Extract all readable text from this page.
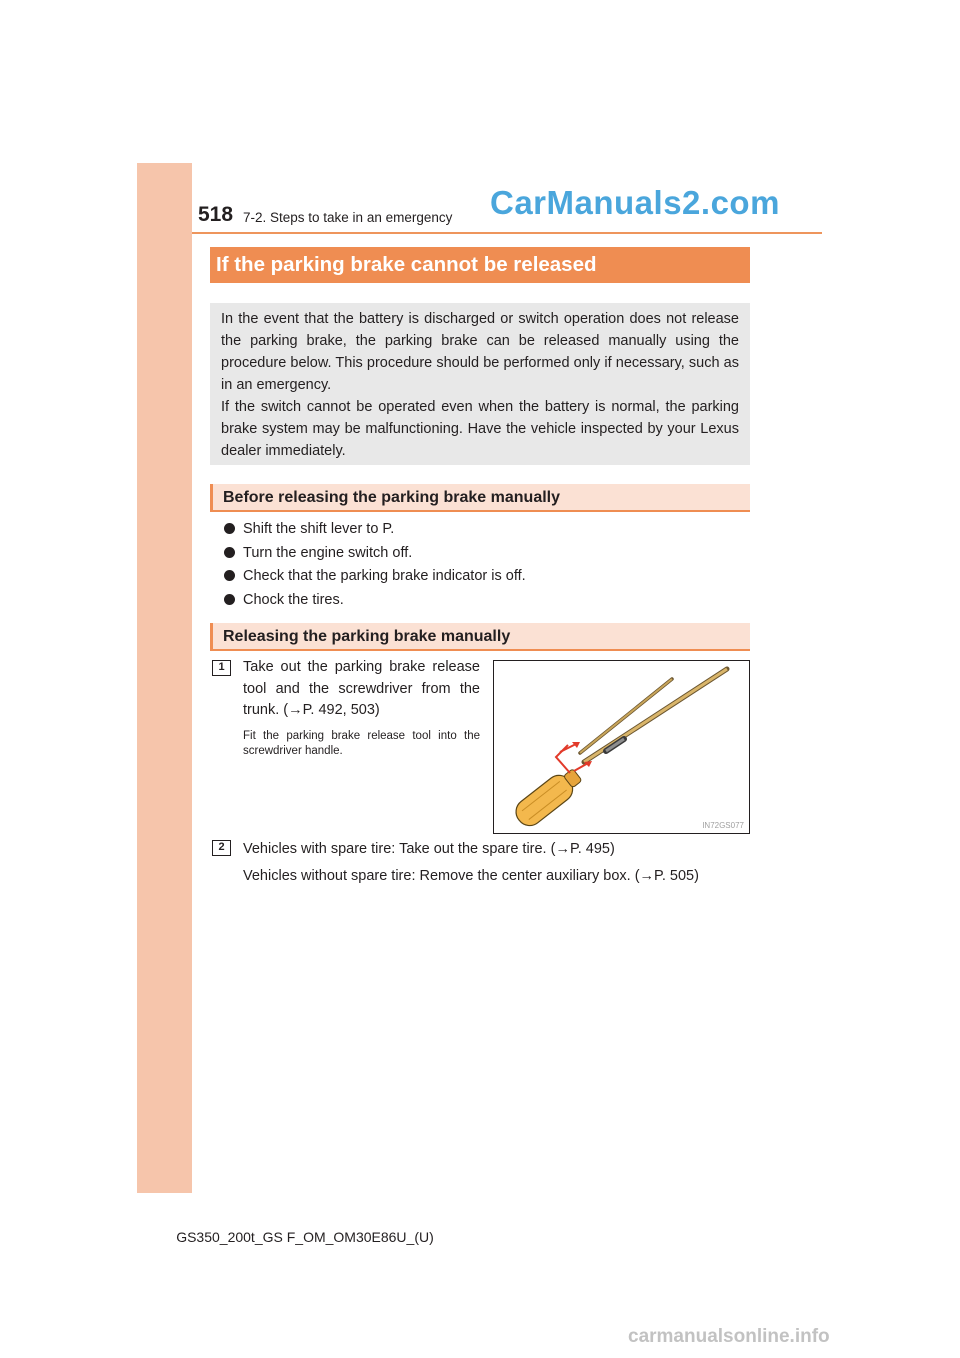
518 7-2. Steps to take in an emergency CarManuals2.com
If the parking brake cannot be released

In the event that the battery is discharged or switch operation does not release the parking brake, the parking brake can be released manually using the procedure below. This procedure should be performed only if necessary, such as in an emergency.

If the switch cannot be operated even when the battery is normal, the parking brake system may be malfunctioning. Have the vehicle inspected by your Lexus dealer immediately.

Before releasing the parking brake manually
Shift the shift lever to P.
Turn the engine switch off.
Check that the parking brake indicator is off.
Chock the tires.
Releasing the parking brake manually
1	Take out the parking brake release tool and the screwdriver from the trunk. (→P. 492, 503)
Fit the parking brake release tool into the screwdriver handle.
IN72GS077
2	Vehicles with spare tire: Take out the spare tire. (→P. 495)
Vehicles without spare tire: Remove the center auxiliary box. (→P. 505)
GS350_200t_GS F_OM_OM30E86U_(U)
carmanualsonline.info
